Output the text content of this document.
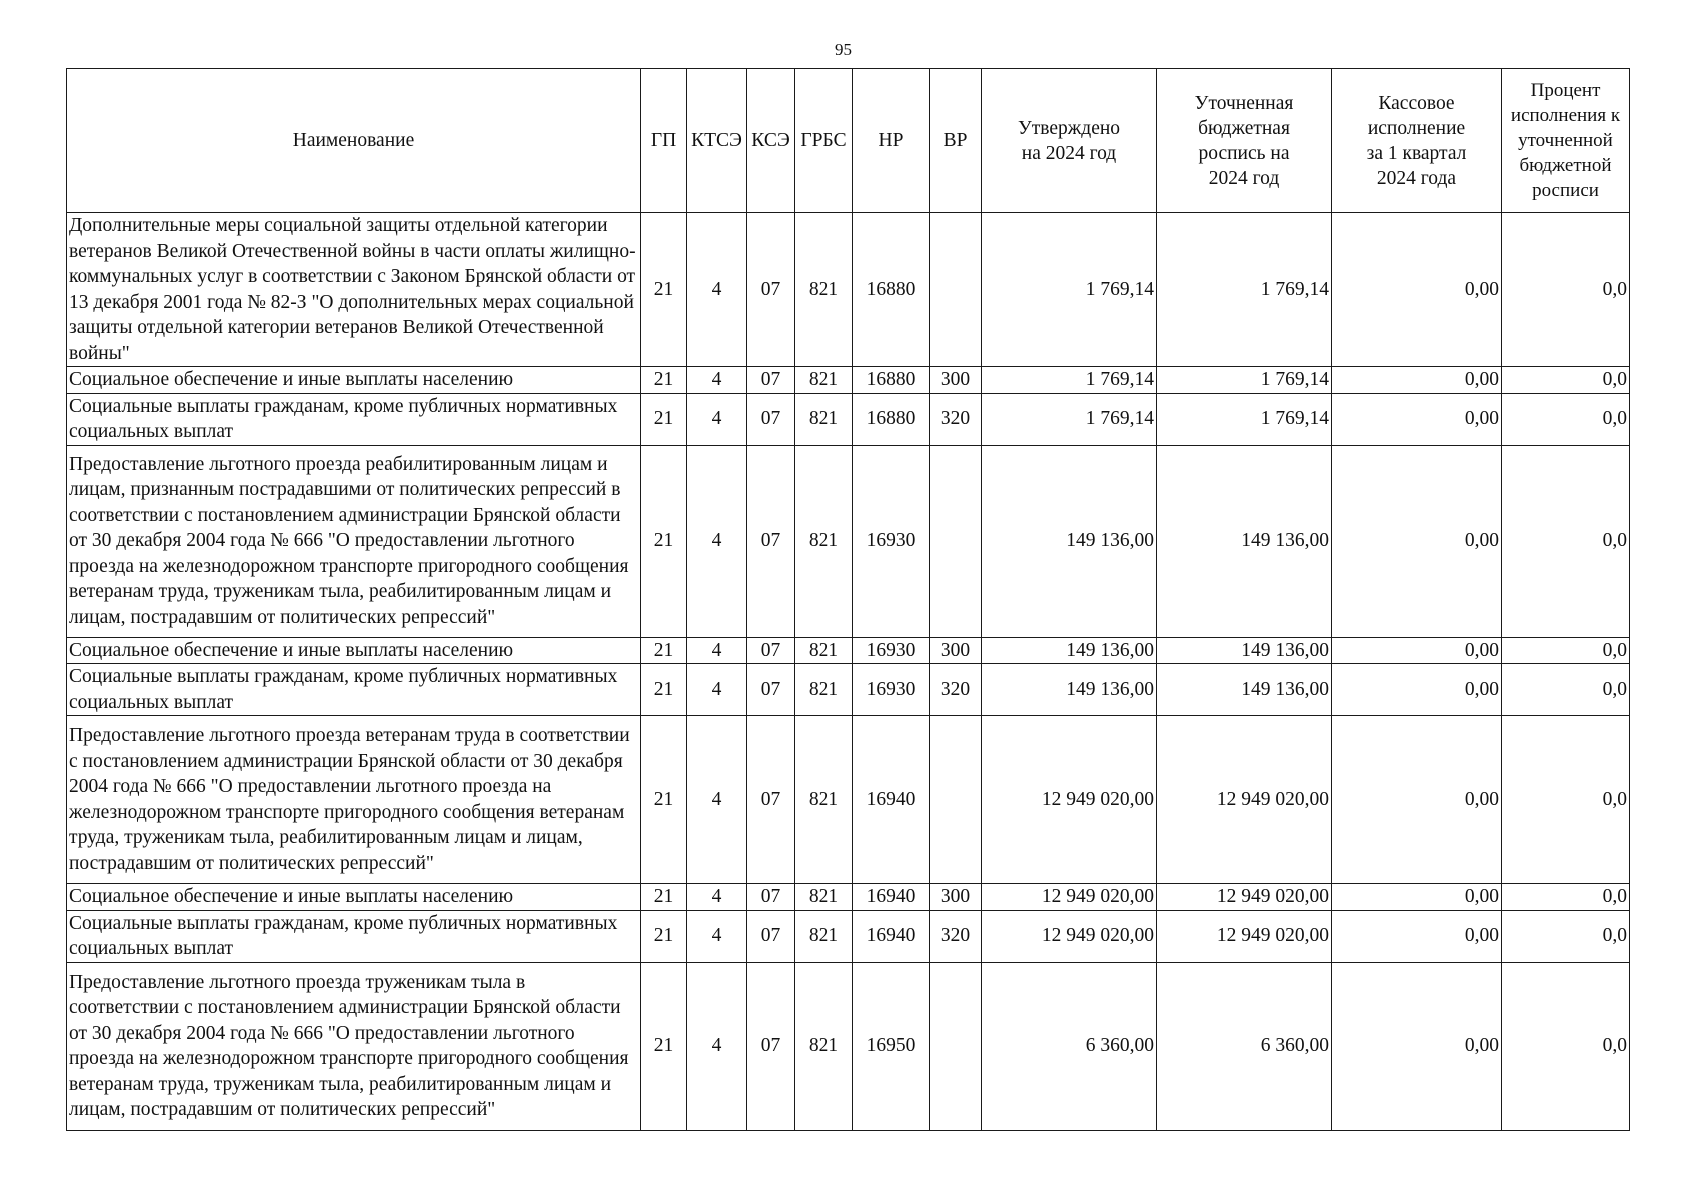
95
Наименование	ГП	КТСЭ	КСЭ	ГРБС	НР	ВР	Утверждено на 2024 год	Уточненная бюджетная роспись на 2024 год	Кассовое исполнение за 1 квартал 2024 года	Процент исполнения к уточненной бюджетной росписи
Дополнительные меры социальной защиты отдельной категории ветеранов Великой Отечественной войны в части оплаты жилищно-коммунальных услуг в соответствии с Законом Брянской области от 13 декабря 2001 года № 82-З "О дополнительных мерах социальной защиты отдельной категории ветеранов Великой Отечественной войны"	21	4	07	821	16880		1 769,14	1 769,14	0,00	0,0
Социальное обеспечение и иные выплаты населению	21	4	07	821	16880	300	1 769,14	1 769,14	0,00	0,0
Социальные выплаты гражданам, кроме публичных нормативных социальных выплат	21	4	07	821	16880	320	1 769,14	1 769,14	0,00	0,0
Предоставление льготного проезда реабилитированным лицам и лицам, признанным пострадавшими от политических репрессий в соответствии с постановлением администрации Брянской области от 30 декабря 2004 года № 666 "О предоставлении льготного проезда на железнодорожном транспорте пригородного сообщения ветеранам труда, труженикам тыла, реабилитированным лицам и лицам, пострадавшим от политических репрессий"	21	4	07	821	16930		149 136,00	149 136,00	0,00	0,0
Социальное обеспечение и иные выплаты населению	21	4	07	821	16930	300	149 136,00	149 136,00	0,00	0,0
Социальные выплаты гражданам, кроме публичных нормативных социальных выплат	21	4	07	821	16930	320	149 136,00	149 136,00	0,00	0,0
Предоставление льготного проезда ветеранам труда в соответствии с постановлением администрации Брянской области от 30 декабря 2004 года № 666 "О предоставлении льготного проезда на железнодорожном транспорте пригородного сообщения ветеранам труда, труженикам тыла, реабилитированным лицам и лицам, пострадавшим от политических репрессий"	21	4	07	821	16940		12 949 020,00	12 949 020,00	0,00	0,0
Социальное обеспечение и иные выплаты населению	21	4	07	821	16940	300	12 949 020,00	12 949 020,00	0,00	0,0
Социальные выплаты гражданам, кроме публичных нормативных социальных выплат	21	4	07	821	16940	320	12 949 020,00	12 949 020,00	0,00	0,0
Предоставление льготного проезда труженикам тыла в соответствии с постановлением администрации Брянской области от 30 декабря 2004 года № 666 "О предоставлении льготного проезда на железнодорожном транспорте пригородного сообщения ветеранам труда, труженикам тыла, реабилитированным лицам и лицам, пострадавшим от политических репрессий"	21	4	07	821	16950		6 360,00	6 360,00	0,00	0,0
